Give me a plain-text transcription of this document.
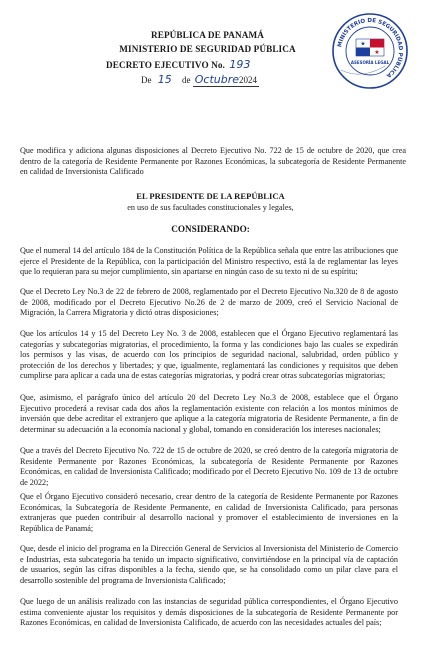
REPÚBLICA DE PANAMÁ
MINISTERIO DE SEGURIDAD PÚBLICA
DECRETO EJECUTIVO No. 193
De 15 de Octubre2024
MINISTERIO DE SEGURIDAD PÚBLICA
★
★
ASESORÍA LEGAL
Que modifica y adiciona algunas disposiciones al Decreto Ejecutivo No. 722 de 15 de octubre de 2020, que crea dentro de la categoría de Residente Permanente por Razones Económicas, la subcategoría de Residente Permanente en calidad de Inversionista Calificado
EL PRESIDENTE DE LA REPÚBLICA
en uso de sus facultades constitucionales y legales,
CONSIDERANDO:
Que el numeral 14 del artículo 184 de la Constitución Política de la República señala que entre las atribuciones que ejerce el Presidente de la República, con la participación del Ministro respectivo, está la de reglamentar las leyes que lo requieran para su mejor cumplimiento, sin apartarse en ningún caso de su texto ni de su espíritu;
Que el Decreto Ley No.3 de 22 de febrero de 2008, reglamentado por el Decreto Ejecutivo No.320 de 8 de agosto de 2008, modificado por el Decreto Ejecutivo No.26 de 2 de marzo de 2009, creó el Servicio Nacional de Migración, la Carrera Migratoria y dictó otras disposiciones;
Que los artículos 14 y 15 del Decreto Ley No. 3 de 2008, establecen que el Órgano Ejecutivo reglamentará las categorías y subcategorías migratorias, el procedimiento, la forma y las condiciones bajo las cuales se expedirán los permisos y las visas, de acuerdo con los principios de seguridad nacional, salubridad, orden público y protección de los derechos y libertades; y que, igualmente, reglamentará las condiciones y requisitos que deben cumplirse para aplicar a cada una de estas categorías migratorias, y podrá crear otras subcategorías migratorias;
Que, asimismo, el parágrafo único del artículo 20 del Decreto Ley No.3 de 2008, establece que el Órgano Ejecutivo procederá a revisar cada dos años la reglamentación existente con relación a los montos mínimos de inversión que debe acreditar el extranjero que aplique a la categoría migratoria de Residente Permanente, a fin de determinar su adecuación a la economía nacional y global, tomando en consideración los intereses nacionales;
Que a través del Decreto Ejecutivo No. 722 de 15 de octubre de 2020, se creó dentro de la categoría migratoria de Residente Permanente por Razones Económicas, la subcategoría de Residente Permanente por Razones Económicas, en calidad de Inversionista Calificado; modificado por el Decreto Ejecutivo No. 109 de 13 de octubre de 2022;
Que el Órgano Ejecutivo consideró necesario, crear dentro de la categoría de Residente Permanente por Razones Económicas, la Subcategoría de Residente Permanente, en calidad de Inversionista Calificado, para personas extranjeras que pueden contribuir al desarrollo nacional y promover el establecimiento de inversiones en la República de Panamá;
Que, desde el inicio del programa en la Dirección General de Servicios al Inversionista del Ministerio de Comercio e Industrias, esta subcategoría ha tenido un impacto significativo, convirtiéndose en la principal vía de captación de usuarios, según las cifras disponibles a la fecha, siendo que, se ha consolidado como un pilar clave para el desarrollo sostenible del programa de Inversionista Calificado;
Que luego de un análisis realizado con las instancias de seguridad pública correspondientes, el Órgano Ejecutivo estima conveniente ajustar los requisitos y demás disposiciones de la subcategoría de Residente Permanente por Razones Económicas, en calidad de Inversionista Calificado, de acuerdo con las necesidades actuales del país;
